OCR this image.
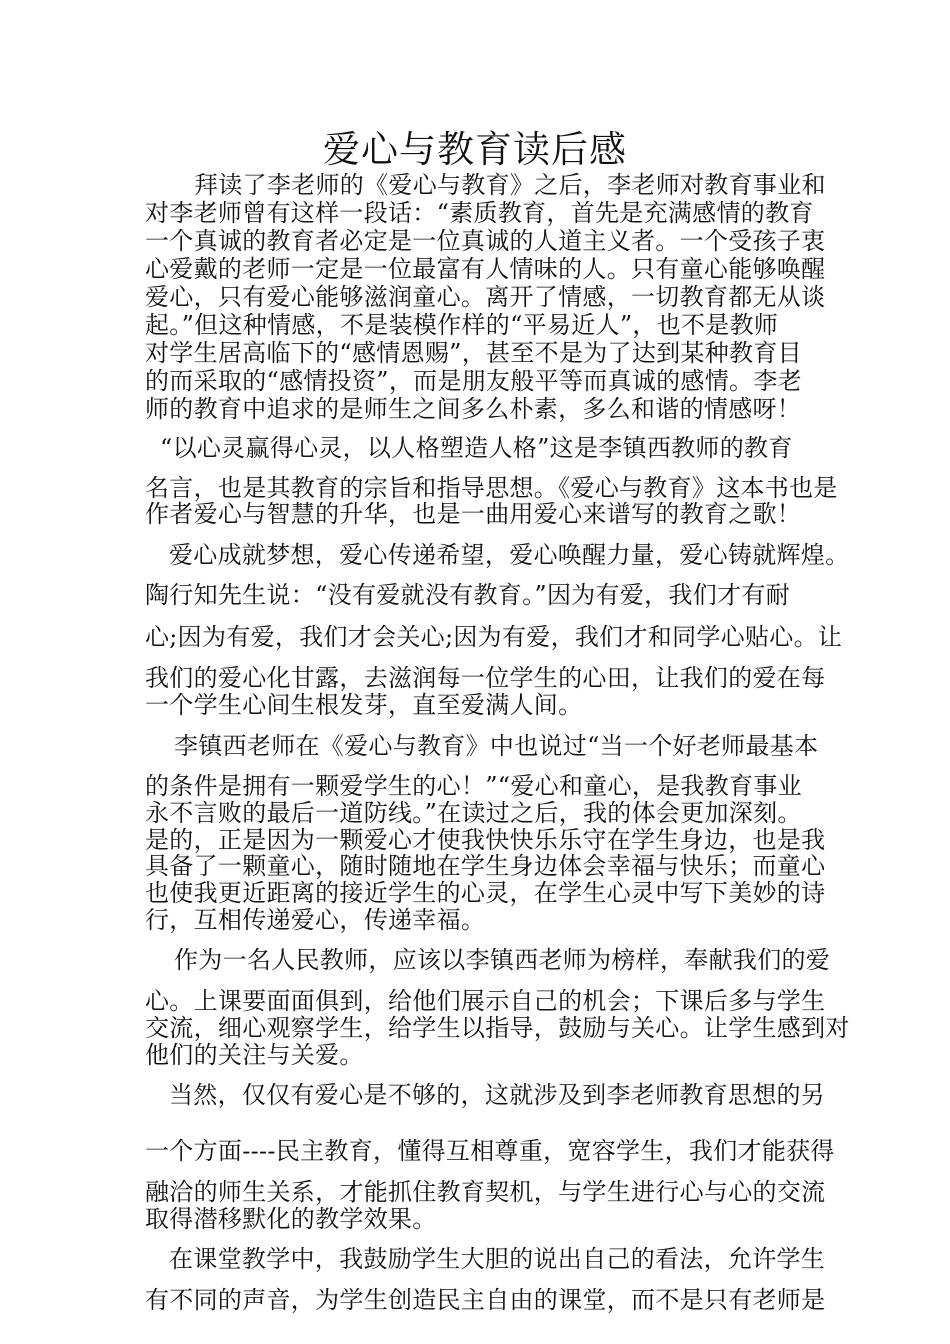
爱心与教育读后感
拜读了李老师的《爱心与教育》之后，李老师对教育事业和
对李老师曾有这样一段话：“素质教育，首先是充满感情的教育
一个真诚的教育者必定是一位真诚的人道主义者。一个受孩子衷
心爱戴的老师一定是一位最富有人情味的人。只有童心能够唤醒
爱心，只有爱心能够滋润童心。离开了情感，一切教育都无从谈
起。”但这种情感，不是装模作样的“平易近人”，也不是教师
对学生居高临下的“感情恩赐”，甚至不是为了达到某种教育目
的而采取的“感情投资”，而是朋友般平等而真诚的感情。李老
师的教育中追求的是师生之间多么朴素，多么和谐的情感呀！
“以心灵赢得心灵，以人格塑造人格”这是李镇西教师的教育
名言，也是其教育的宗旨和指导思想。《爱心与教育》这本书也是
作者爱心与智慧的升华，也是一曲用爱心来谱写的教育之歌！
爱心成就梦想，爱心传递希望，爱心唤醒力量，爱心铸就辉煌。
陶行知先生说：“没有爱就没有教育。”因为有爱，我们才有耐
心;因为有爱，我们才会关心;因为有爱，我们才和同学心贴心。让
我们的爱心化甘露，去滋润每一位学生的心田，让我们的爱在每
一个学生心间生根发芽，直至爱满人间。
李镇西老师在《爱心与教育》中也说过“当一个好老师最基本
的条件是拥有一颗爱学生的心！”“爱心和童心，是我教育事业
永不言败的最后一道防线。”在读过之后，我的体会更加深刻。
是的，正是因为一颗爱心才使我快快乐乐守在学生身边，也是我
具备了一颗童心，随时随地在学生身边体会幸福与快乐；而童心
也使我更近距离的接近学生的心灵，在学生心灵中写下美妙的诗
行，互相传递爱心，传递幸福。
作为一名人民教师，应该以李镇西老师为榜样，奉献我们的爱
心。上课要面面俱到，给他们展示自己的机会；下课后多与学生
交流，细心观察学生，给学生以指导，鼓励与关心。让学生感到对
他们的关注与关爱。
当然，仅仅有爱心是不够的，这就涉及到李老师教育思想的另
一个方面----民主教育，懂得互相尊重，宽容学生，我们才能获得
融洽的师生关系，才能抓住教育契机，与学生进行心与心的交流
取得潜移默化的教学效果。
在课堂教学中，我鼓励学生大胆的说出自己的看法，允许学生
有不同的声音，为学生创造民主自由的课堂，而不是只有老师是
